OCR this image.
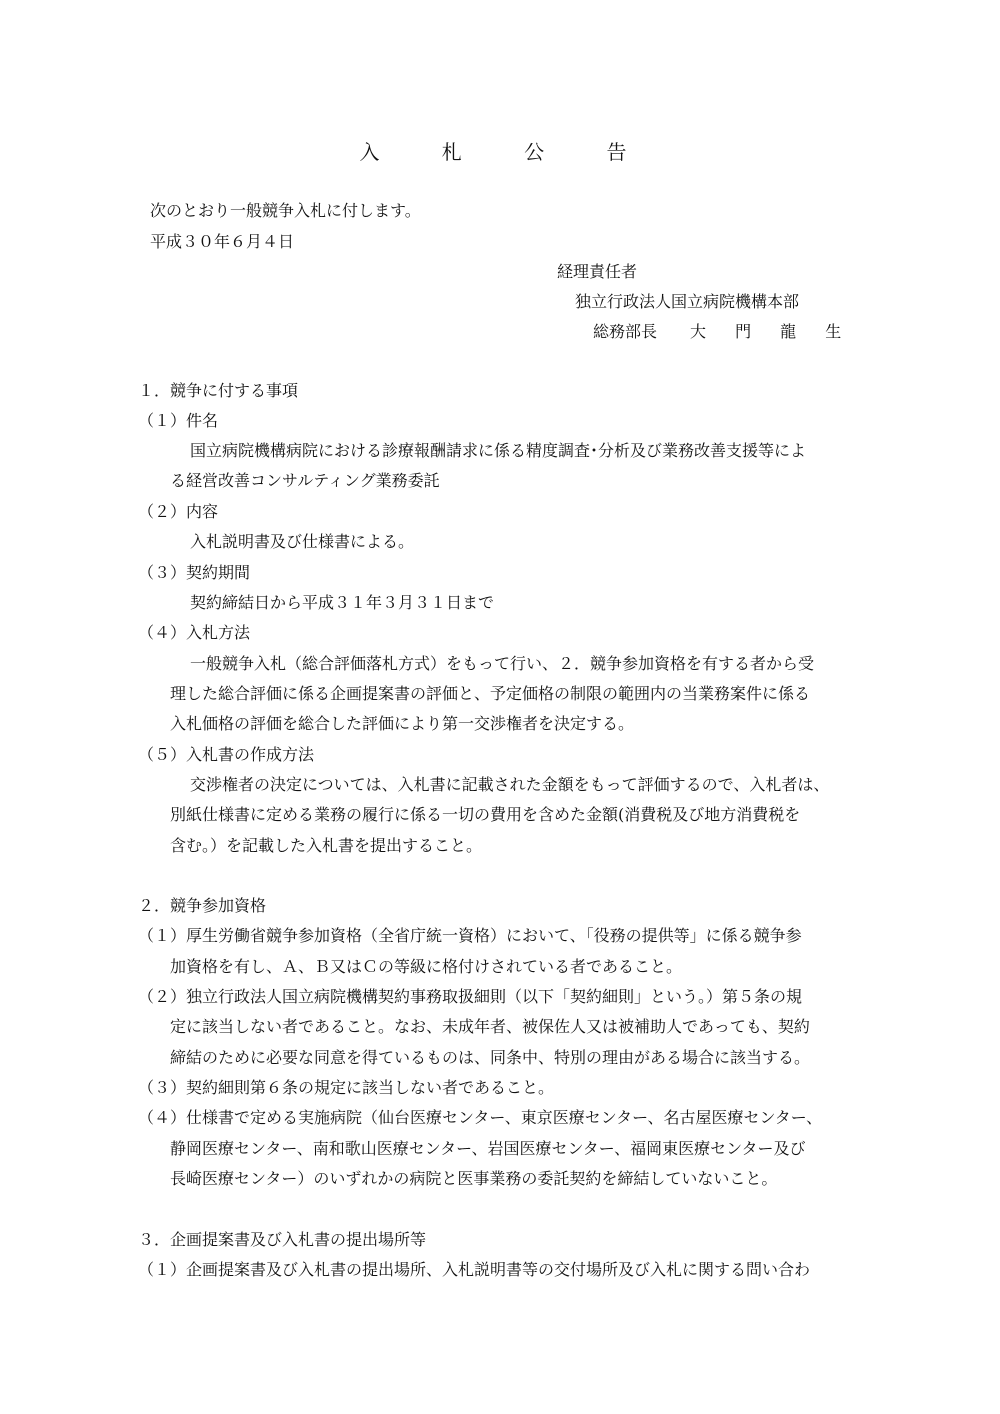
入 札 公 告
次のとおり一般競争入札に付します。
平成３０年６月４日
経理責任者
独立行政法人国立病院機構本部
総務部長 大 門 龍 生
１．競争に付する事項
（１）件名
国立病院機構病院における診療報酬請求に係る精度調査･分析及び業務改善支援等によ
る経営改善コンサルティング業務委託
（２）内容
入札説明書及び仕様書による。
（３）契約期間
契約締結日から平成３１年３月３１日まで
（４）入札方法
一般競争入札（総合評価落札方式）をもって行い、２．競争参加資格を有する者から受
理した総合評価に係る企画提案書の評価と、予定価格の制限の範囲内の当業務案件に係る
入札価格の評価を総合した評価により第一交渉権者を決定する。
（５）入札書の作成方法
交渉権者の決定については、入札書に記載された金額をもって評価するので、入札者は、
別紙仕様書に定める業務の履行に係る一切の費用を含めた金額(消費税及び地方消費税を
含む。）を記載した入札書を提出すること。
２．競争参加資格
（１）厚生労働省競争参加資格（全省庁統一資格）において、「役務の提供等」に係る競争参
加資格を有し、Ａ、Ｂ又はＣの等級に格付けされている者であること。
（２）独立行政法人国立病院機構契約事務取扱細則（以下「契約細則」という。）第５条の規
定に該当しない者であること。なお、未成年者、被保佐人又は被補助人であっても、契約
締結のために必要な同意を得ているものは、同条中、特別の理由がある場合に該当する。
（３）契約細則第６条の規定に該当しない者であること。
（４）仕様書で定める実施病院（仙台医療センター、東京医療センター、名古屋医療センター、
静岡医療センター、南和歌山医療センター、岩国医療センター、福岡東医療センター及び
長崎医療センター）のいずれかの病院と医事業務の委託契約を締結していないこと。
３．企画提案書及び入札書の提出場所等
（１）企画提案書及び入札書の提出場所、入札説明書等の交付場所及び入札に関する問い合わ
